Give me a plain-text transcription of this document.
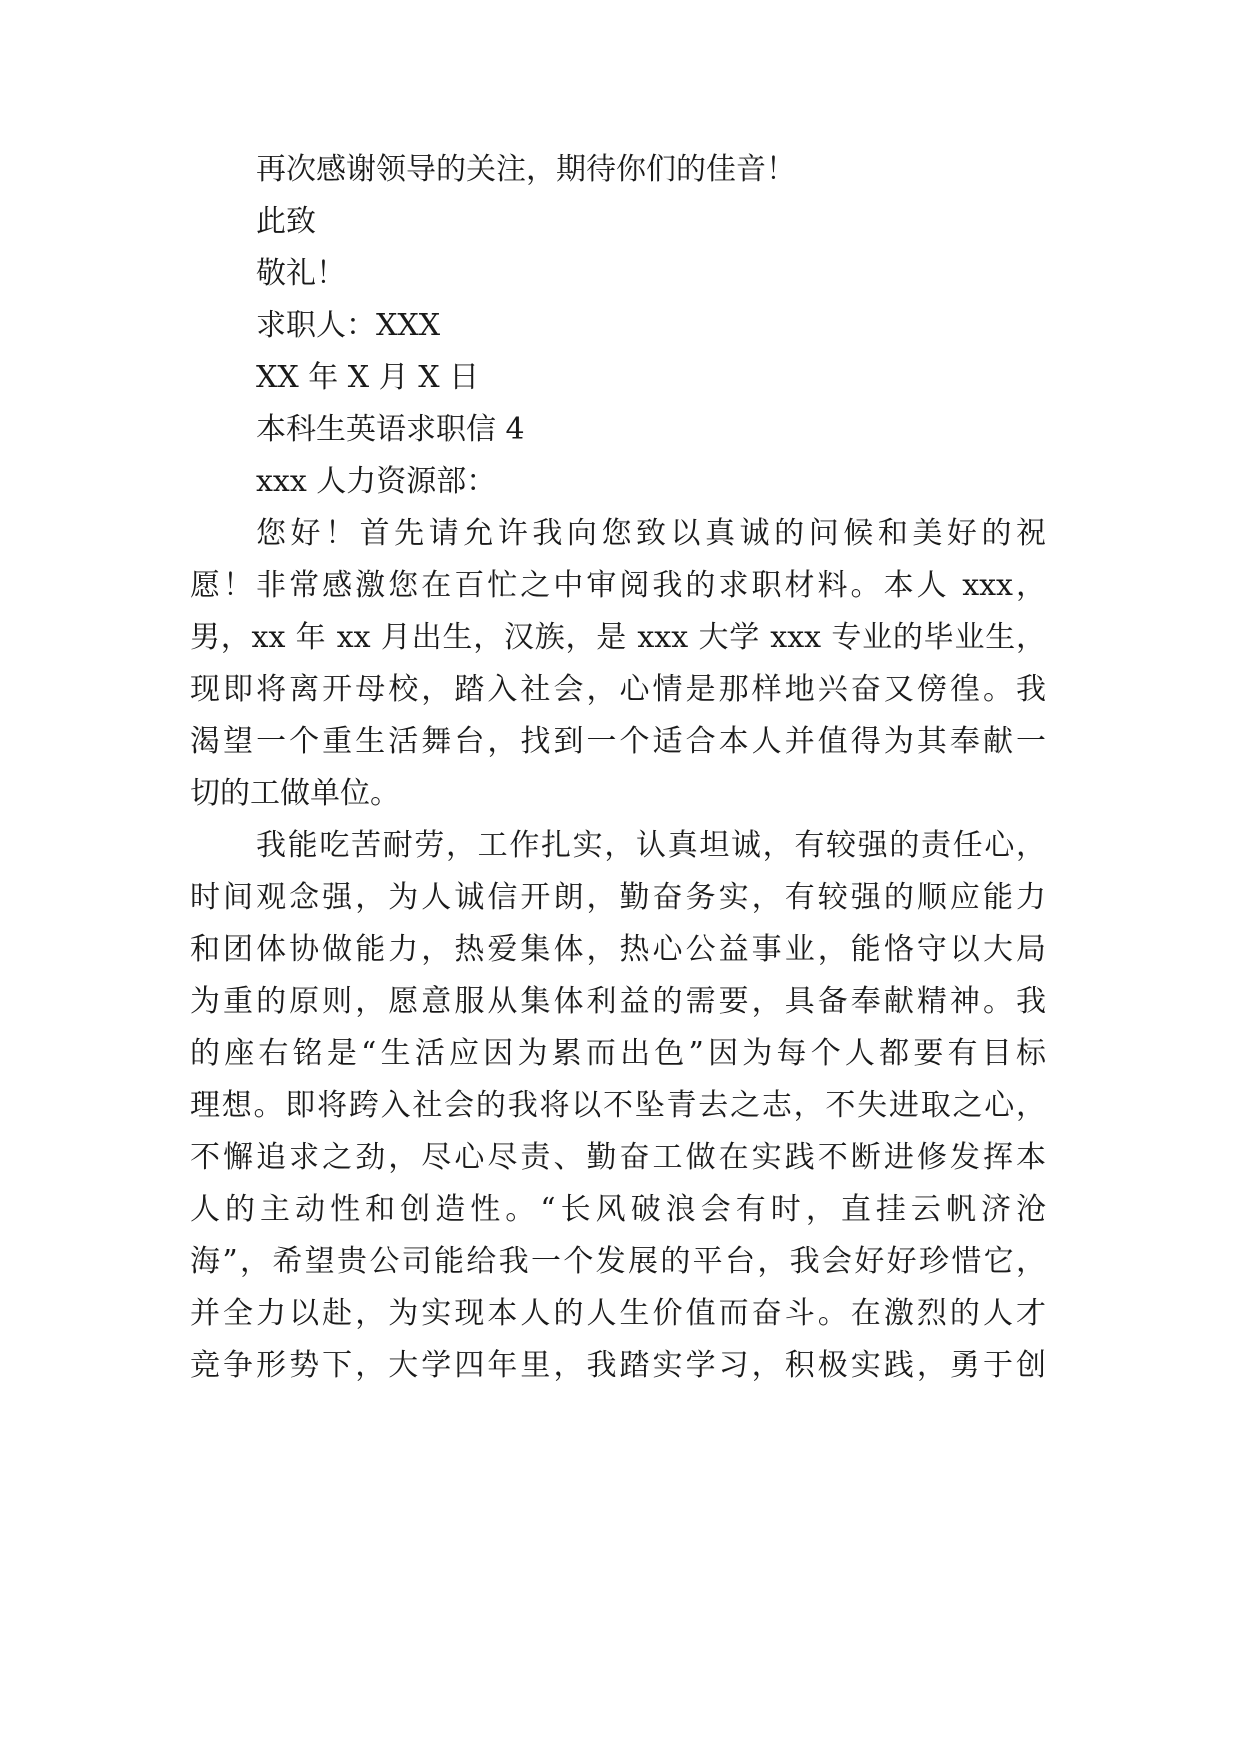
再次感谢领导的关注，期待你们的佳音！
此致
敬礼！
求职人：XXX
XX 年 X 月 X 日
本科生英语求职信 4
xxx 人力资源部：
您好！首先请允许我向您致以真诚的问候和美好的祝
愿！非常感激您在百忙之中审阅我的求职材料。本人 xxx，
男，xx 年 xx 月出生，汉族，是 xxx 大学 xxx 专业的毕业生，
现即将离开母校，踏入社会，心情是那样地兴奋又傍徨。我
渴望一个重生活舞台，找到一个适合本人并值得为其奉献一
切的工做单位。
我能吃苦耐劳，工作扎实，认真坦诚，有较强的责任心，
时间观念强，为人诚信开朗，勤奋务实，有较强的顺应能力
和团体协做能力，热爱集体，热心公益事业，能恪守以大局
为重的原则，愿意服从集体利益的需要，具备奉献精神。我
的座右铭是“生活应因为累而出色”因为每个人都要有目标
理想。即将跨入社会的我将以不坠青去之志，不失进取之心，
不懈追求之劲，尽心尽责、勤奋工做在实践不断进修发挥本
人的主动性和创造性。“长风破浪会有时，直挂云帆济沧
海”，希望贵公司能给我一个发展的平台，我会好好珍惜它，
并全力以赴，为实现本人的人生价值而奋斗。在激烈的人才
竞争形势下，大学四年里，我踏实学习，积极实践，勇于创
